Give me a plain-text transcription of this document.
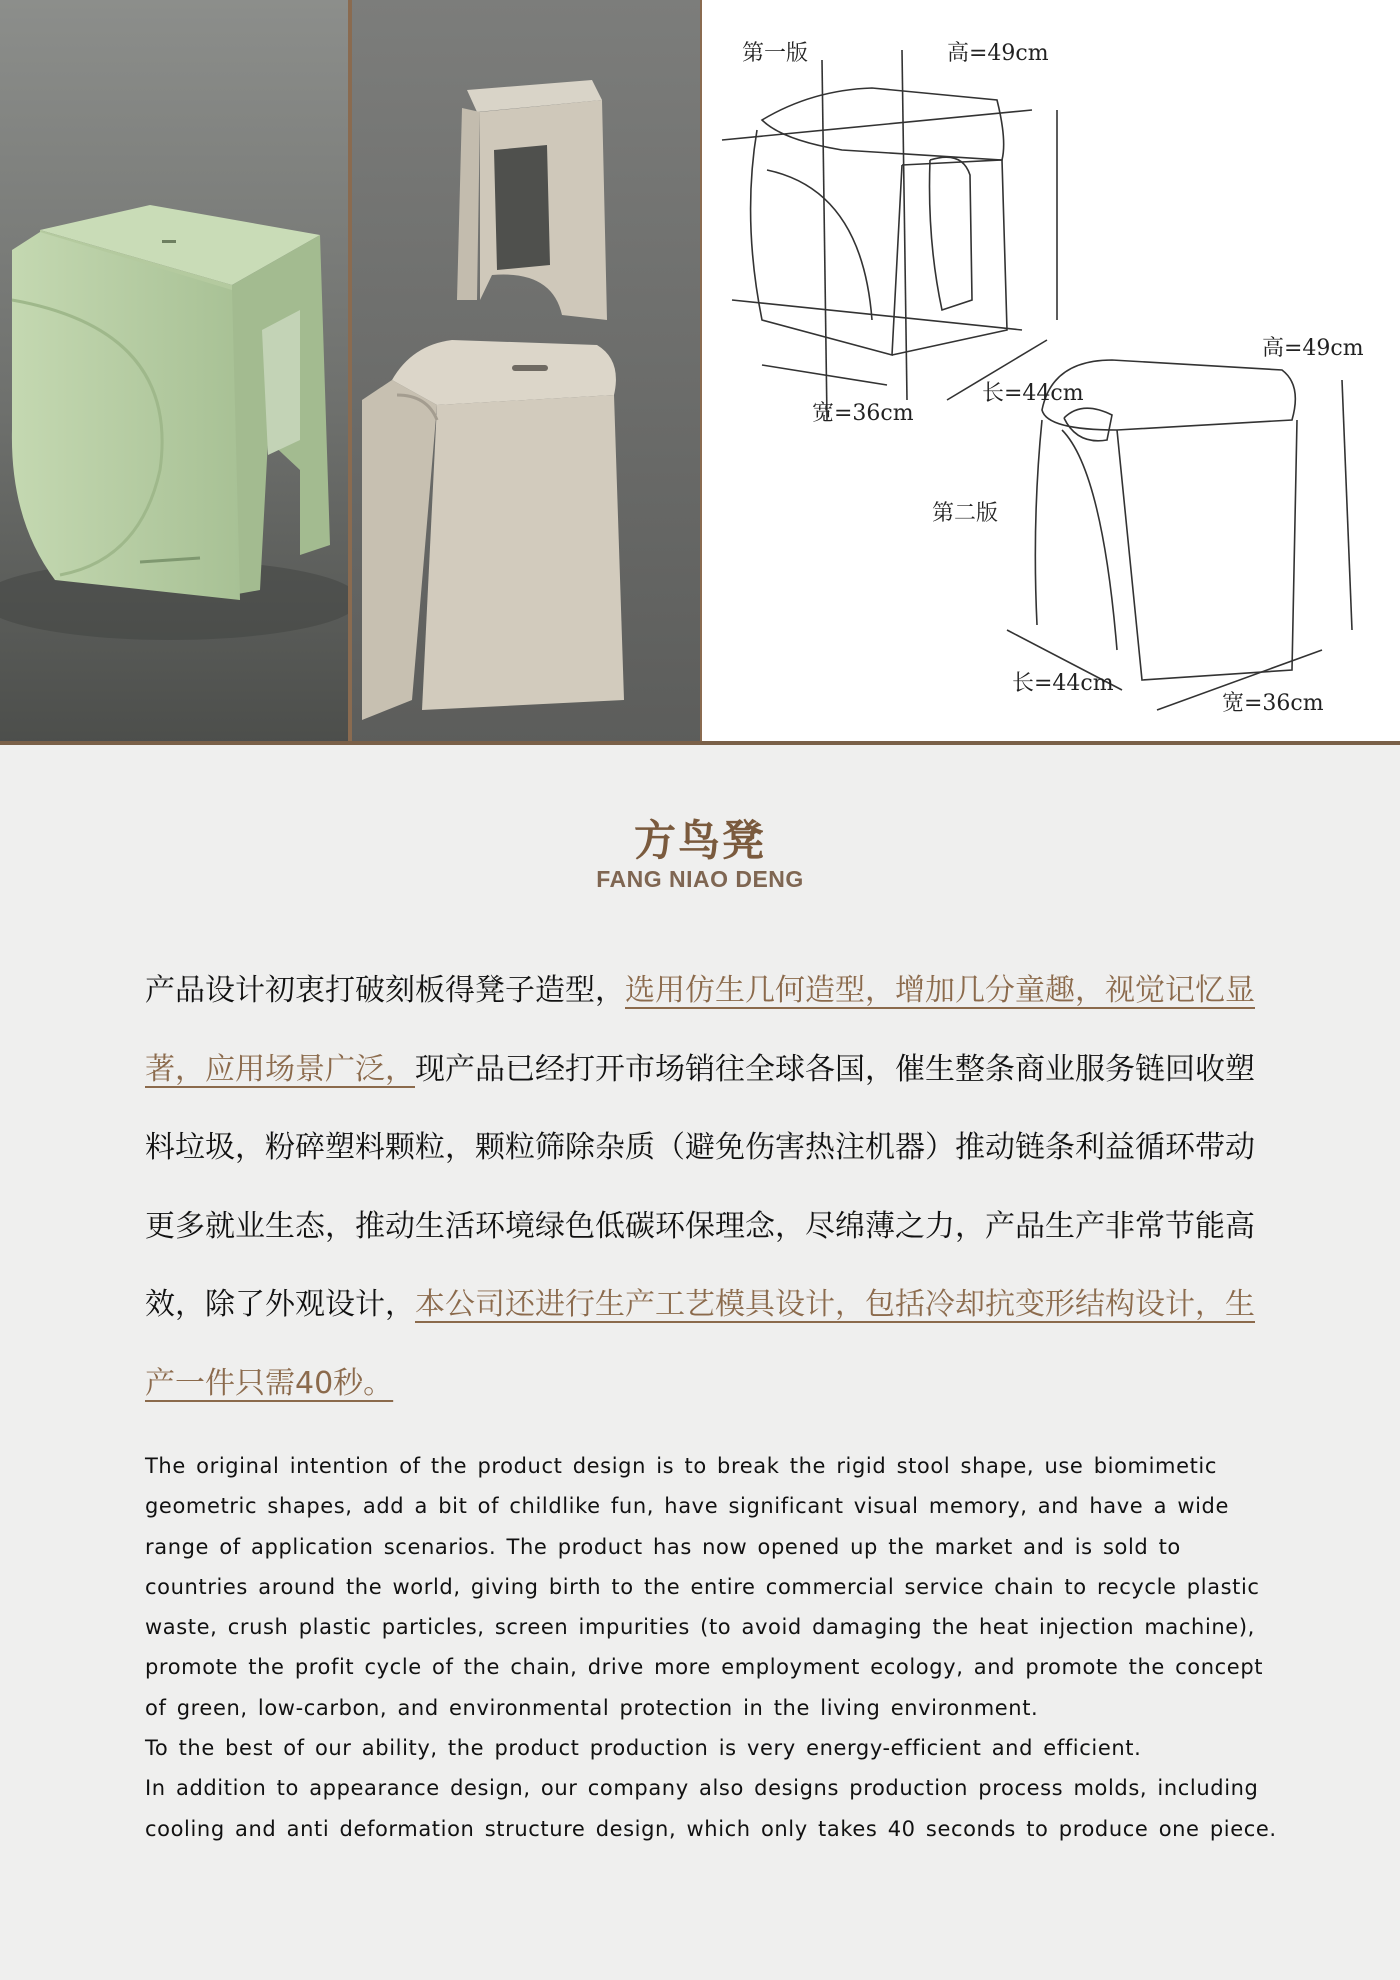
第一版	高=49cm
宽=36cm
长=44cm
第二版
高=49cm
长=44cm
宽=36cm
方鸟凳
FANG NIAO DENG

产品设计初衷打破刻板得凳子造型，选用仿生几何造型，增加几分童趣，视觉记忆显著，应用场景广泛，现产品已经打开市场销往全球各国，催生整条商业服务链回收塑料垃圾，粉碎塑料颗粒，颗粒筛除杂质（避免伤害热注机器）推动链条利益循环带动更多就业生态，推动生活环境绿色低碳环保理念，尽绵薄之力，产品生产非常节能高效，除了外观设计，本公司还进行生产工艺模具设计，包括冷却抗变形结构设计，生产一件只需40秒。

The original intention of the product design is to break the rigid stool shape, use biomimetic geometric shapes, add a bit of childlike fun, have significant visual memory, and have a wide range of application scenarios. The product has now opened up the market and is sold to countries around the world, giving birth to the entire commercial service chain to recycle plastic waste, crush plastic particles, screen impurities (to avoid damaging the heat injection machine), promote the profit cycle of the chain, drive more employment ecology, and promote the concept of green, low-carbon, and environmental protection in the living environment.
To the best of our ability, the product production is very energy-efficient and efficient.
In addition to appearance design, our company also designs production process molds, including cooling and anti deformation structure design, which only takes 40 seconds to produce one piece.
